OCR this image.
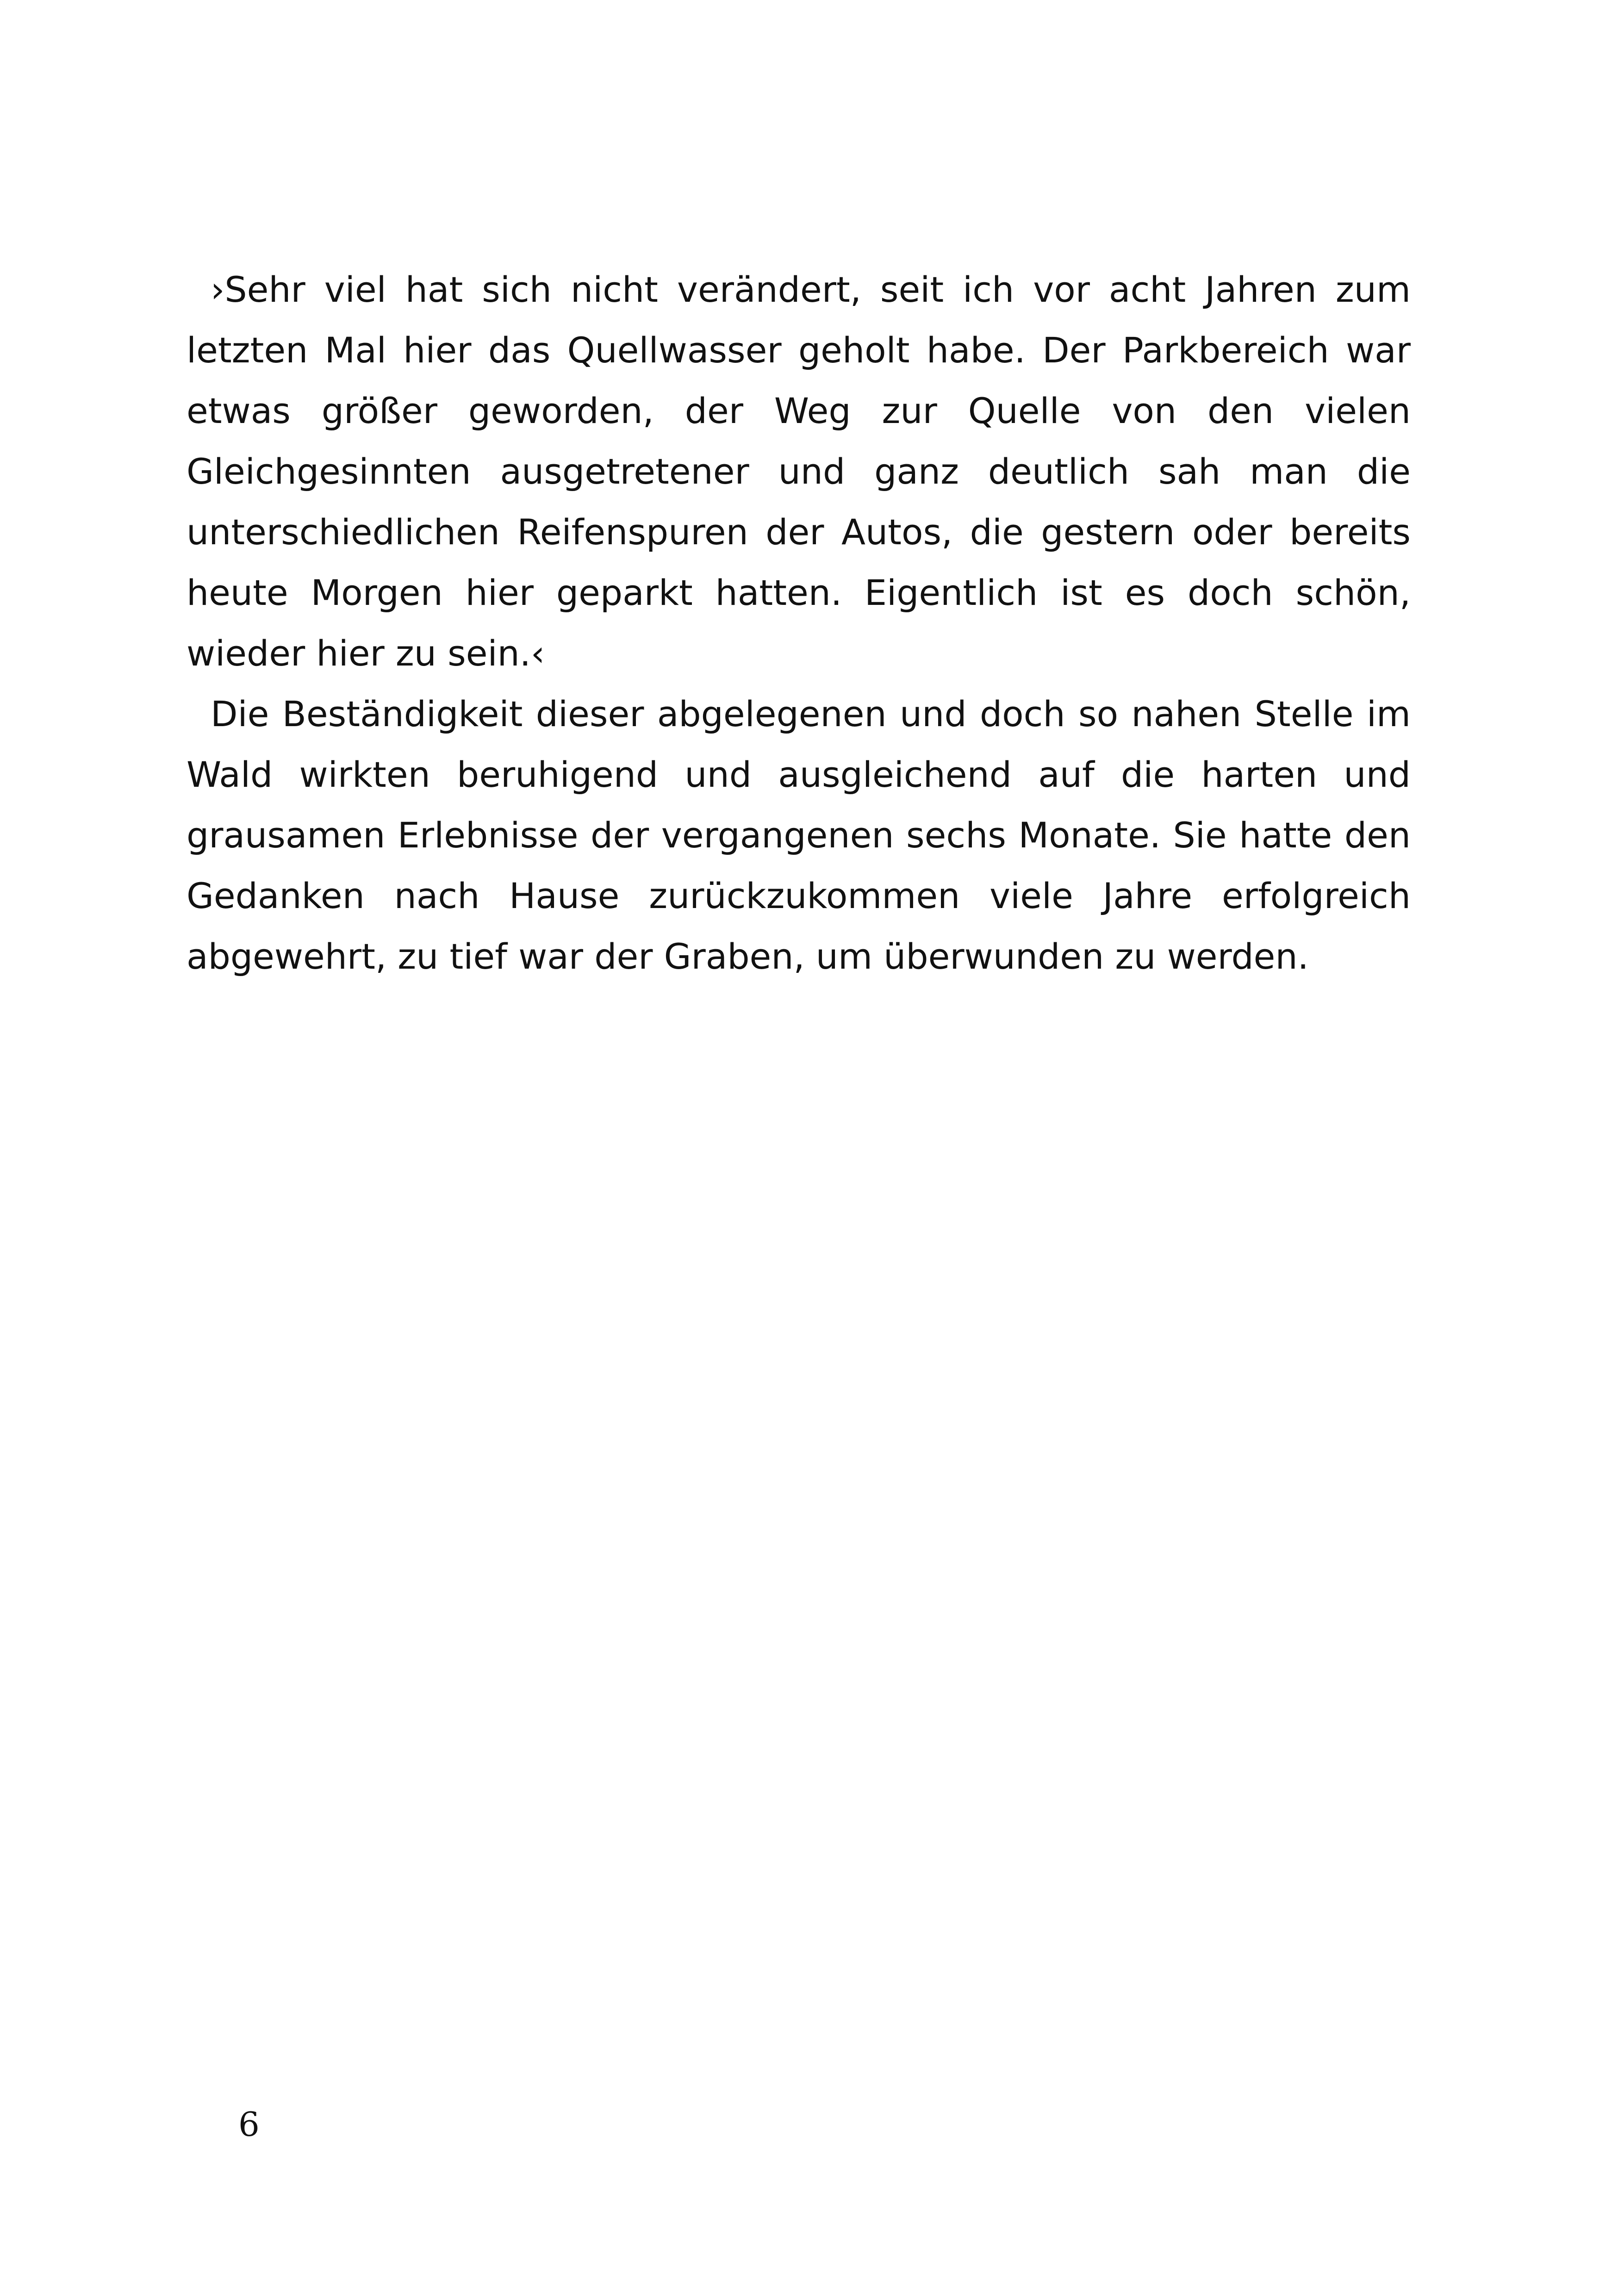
›Sehr viel hat sich nicht verändert, seit ich vor acht Jahren zum letzten Mal hier das Quellwasser geholt habe. Der Parkbereich war etwas größer geworden, der Weg zur Quelle von den vielen Gleichgesinnten ausgetretener und ganz deutlich sah man die unterschiedlichen Reifenspuren der Autos, die gestern oder bereits heute Morgen hier geparkt hatten. Eigentlich ist es doch schön, wieder hier zu sein.‹

Die Beständigkeit dieser abgelegenen und doch so nahen Stelle im Wald wirkten beruhigend und ausgleichend auf die harten und grausamen Erlebnisse der vergangenen sechs Monate. Sie hatte den Gedanken nach Hause zurückzukommen viele Jahre erfolgreich abgewehrt, zu tief war der Graben, um überwunden zu werden.

6
